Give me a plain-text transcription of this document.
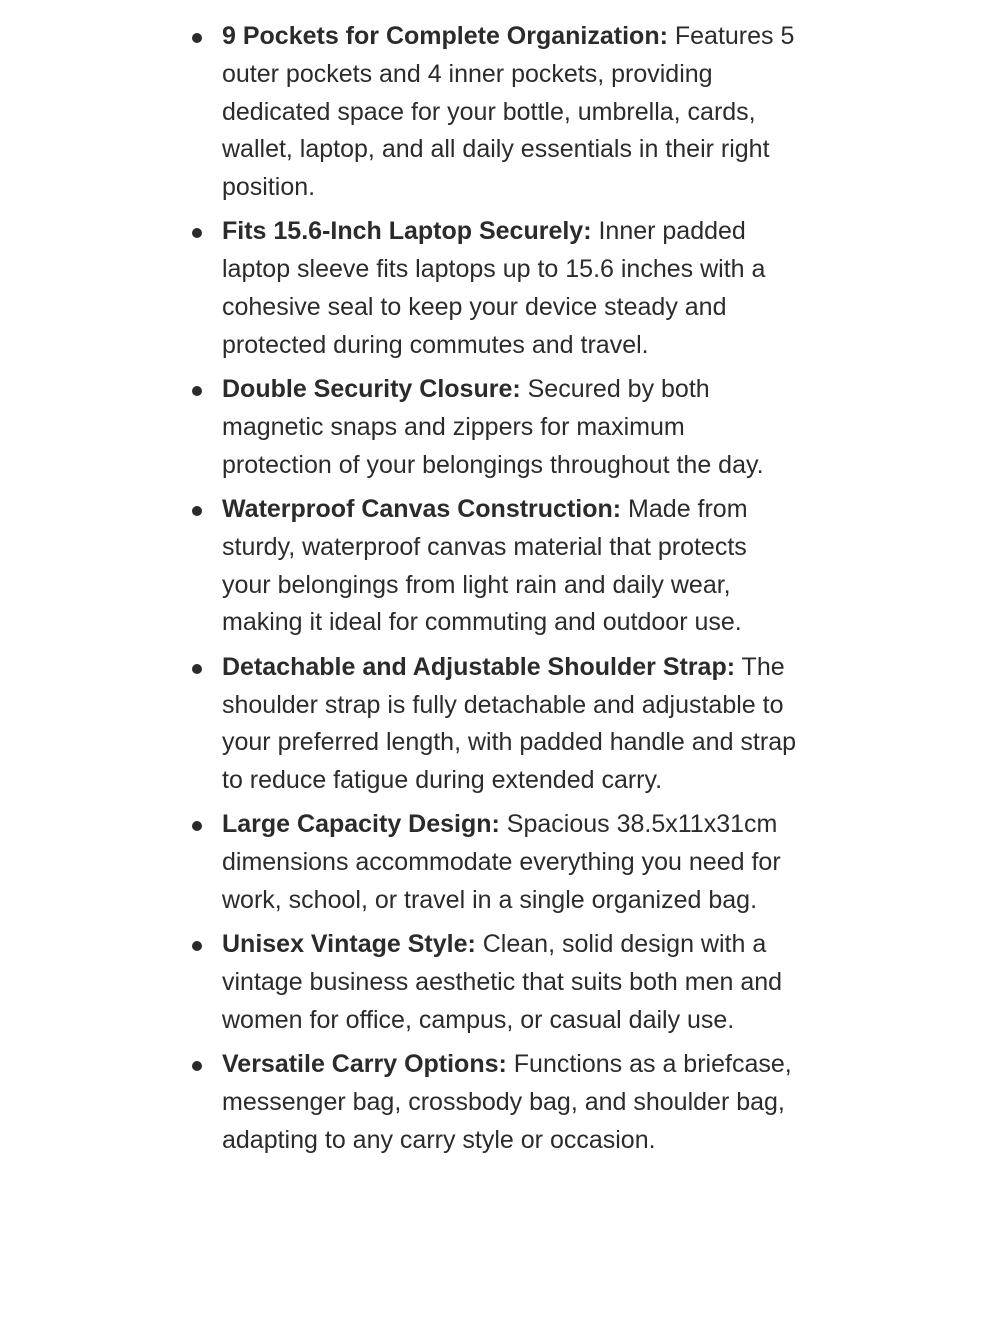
9 Pockets for Complete Organization: Features 5 outer pockets and 4 inner pockets, providing dedicated space for your bottle, umbrella, cards, wallet, laptop, and all daily essentials in their right position.
Fits 15.6-Inch Laptop Securely: Inner padded laptop sleeve fits laptops up to 15.6 inches with a cohesive seal to keep your device steady and protected during commutes and travel.
Double Security Closure: Secured by both magnetic snaps and zippers for maximum protection of your belongings throughout the day.
Waterproof Canvas Construction: Made from sturdy, waterproof canvas material that protects your belongings from light rain and daily wear, making it ideal for commuting and outdoor use.
Detachable and Adjustable Shoulder Strap: The shoulder strap is fully detachable and adjustable to your preferred length, with padded handle and strap to reduce fatigue during extended carry.
Large Capacity Design: Spacious 38.5x11x31cm dimensions accommodate everything you need for work, school, or travel in a single organized bag.
Unisex Vintage Style: Clean, solid design with a vintage business aesthetic that suits both men and women for office, campus, or casual daily use.
Versatile Carry Options: Functions as a briefcase, messenger bag, crossbody bag, and shoulder bag, adapting to any carry style or occasion.
